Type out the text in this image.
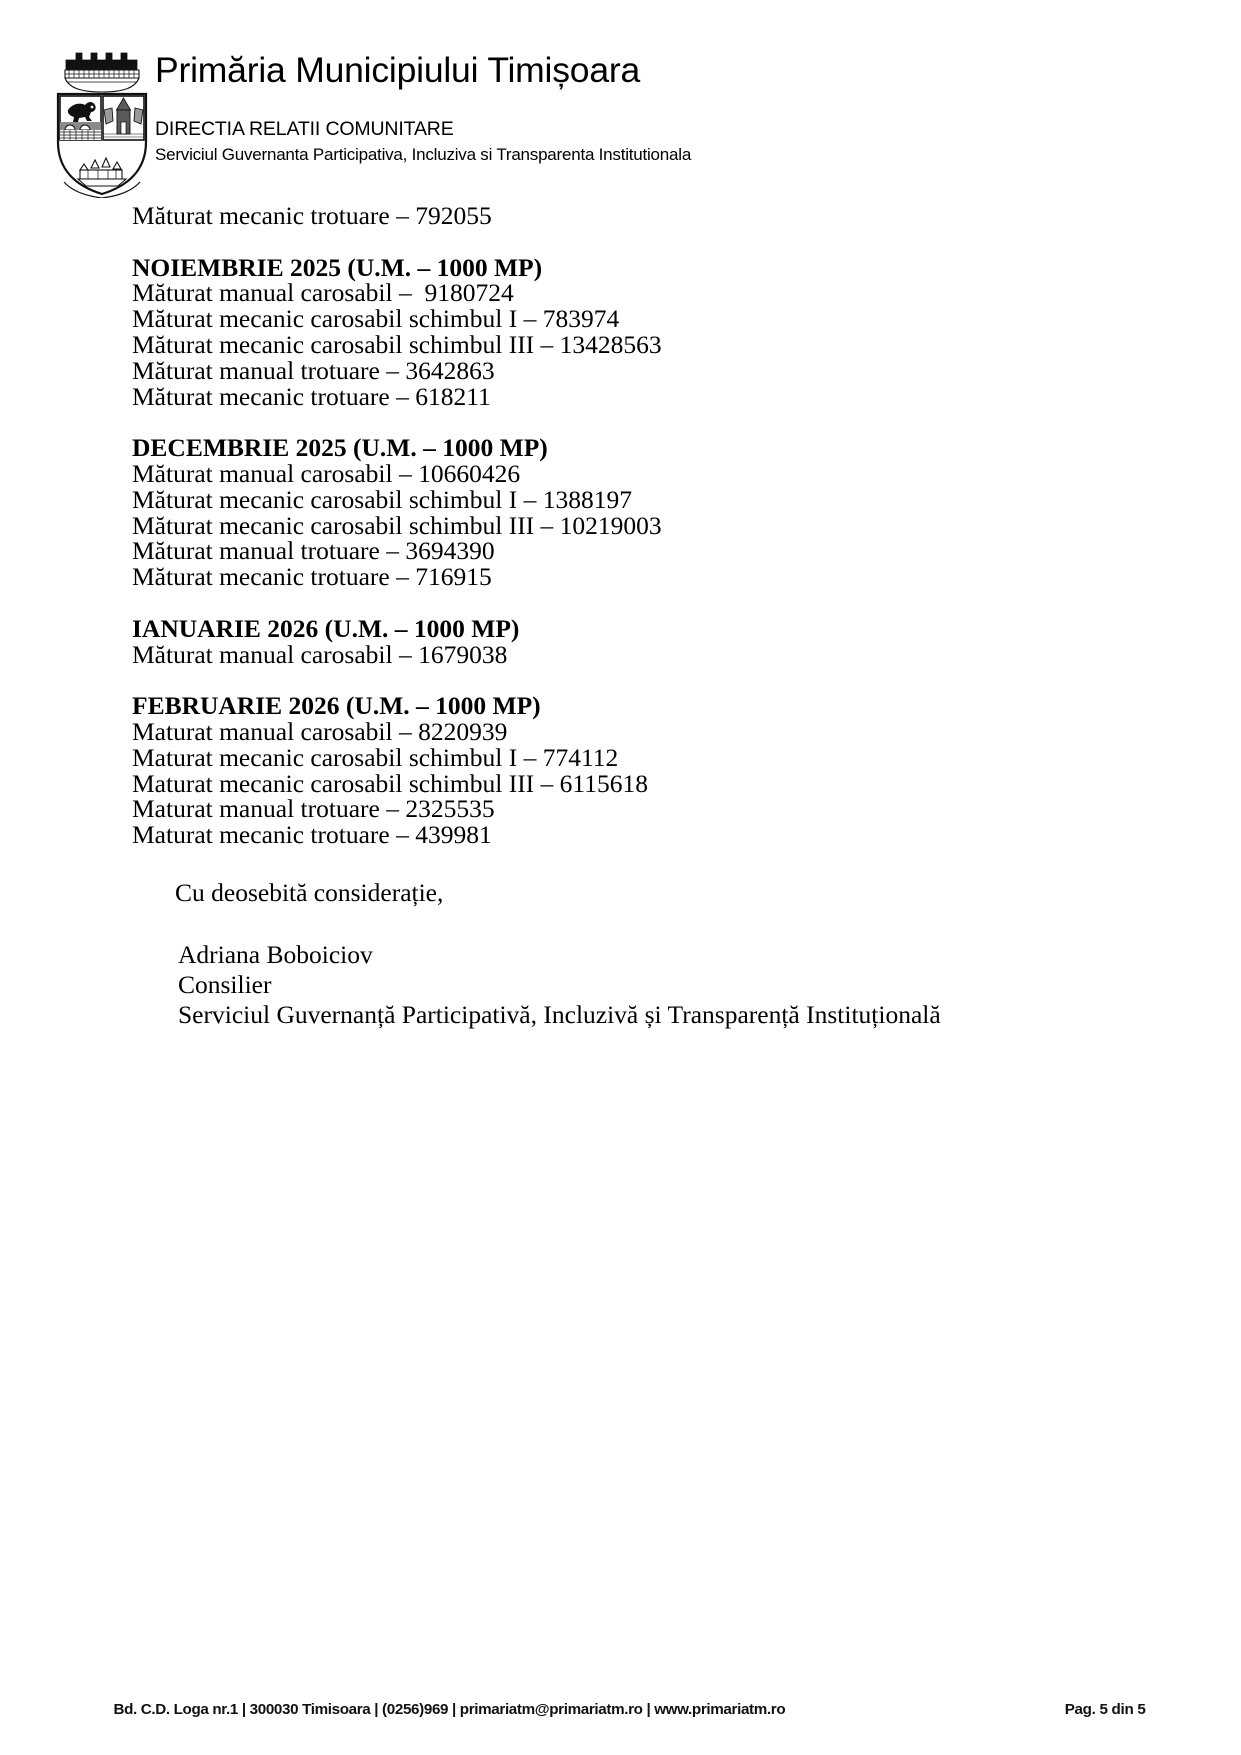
Primăria Municipiului Timișoara
DIRECTIA RELATII COMUNITARE
Serviciul Guvernanta Participativa, Incluziva si Transparenta Institutionala
Măturat mecanic trotuare – 792055
NOIEMBRIE 2025 (U.M. – 1000 MP)
Măturat manual carosabil –  9180724
Măturat mecanic carosabil schimbul I – 783974
Măturat mecanic carosabil schimbul III – 13428563
Măturat manual trotuare – 3642863
Măturat mecanic trotuare – 618211
DECEMBRIE 2025 (U.M. – 1000 MP)
Măturat manual carosabil – 10660426
Măturat mecanic carosabil schimbul I – 1388197
Măturat mecanic carosabil schimbul III – 10219003
Măturat manual trotuare – 3694390
Măturat mecanic trotuare – 716915
IANUARIE 2026 (U.M. – 1000 MP)
Măturat manual carosabil – 1679038
FEBRUARIE 2026 (U.M. – 1000 MP)
Maturat manual carosabil – 8220939
Maturat mecanic carosabil schimbul I – 774112
Maturat mecanic carosabil schimbul III – 6115618
Maturat manual trotuare – 2325535
Maturat mecanic trotuare – 439981
Cu deosebită considerație,
Adriana Boboiciov
Consilier
Serviciul Guvernanță Participativă, Incluzivă și Transparență Instituțională
Bd. C.D. Loga nr.1 | 300030 Timisoara | (0256)969 | primariatm@primariatm.ro | www.primariatm.ro	Pag. 5 din 5
